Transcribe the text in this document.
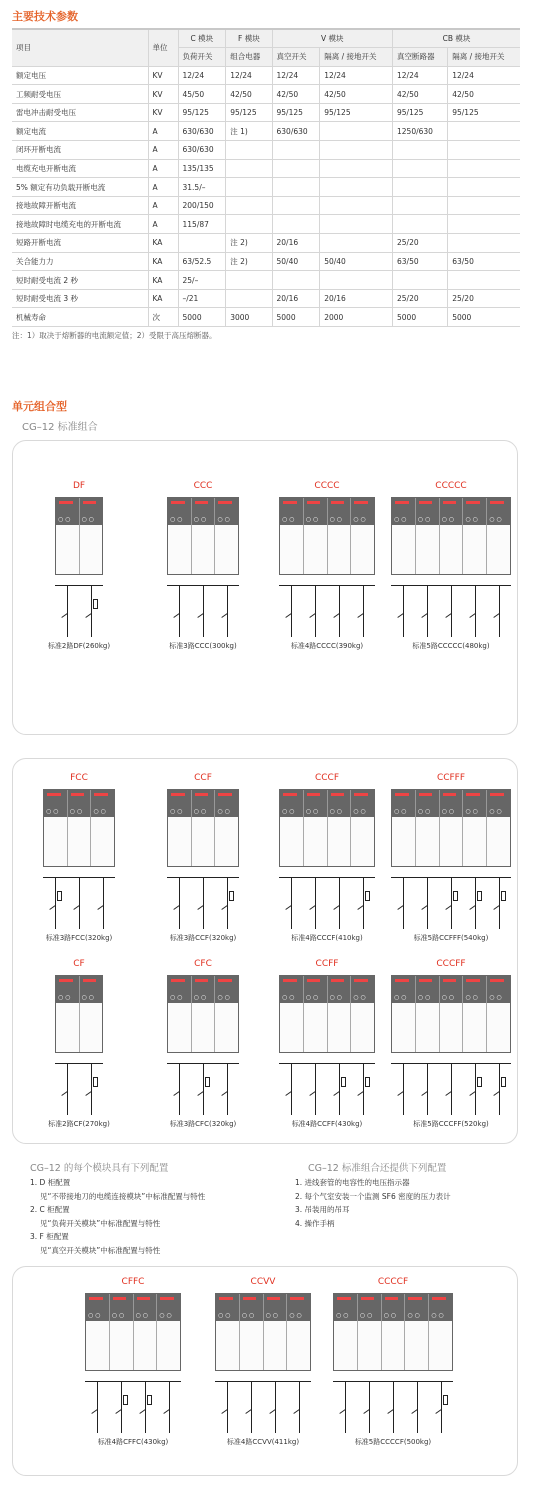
主要技术参数
项目	单位	C 模块	F 模块	V 模块		CB 模块	
		负荷开关	组合电器	真空开关	隔离 / 接地开关	真空断路器	隔离 / 接地开关
额定电压	KV	12/24	12/24	12/24	12/24	12/24	12/24
工频耐受电压	KV	45/50	42/50	42/50	42/50	42/50	42/50
雷电冲击耐受电压	KV	95/125	95/125	95/125	95/125	95/125	95/125
额定电流	A	630/630	注 1)	630/630		1250/630	
闭环开断电流	A	630/630					
电缆充电开断电流	A	135/135					
5% 额定有功负载开断电流	A	31.5/–					
接地故障开断电流	A	200/150					
接地故障时电缆充电的开断电流	A	115/87					
短路开断电流	KA		注 2)	20/16		25/20	
关合能力力	KA	63/52.5	注 2)	50/40	50/40	63/50	63/50
短时耐受电流 2 秒	KA	25/–					
短时耐受电流 3 秒	KA	–/21		20/16	20/16	25/20	25/20
机械寿命	次	5000	3000	5000	2000	5000	5000
注：1）取决于熔断器的电流额定值；2）受限于高压熔断器。
单元组合型
CG–12 标准组合
DF
○ ○
○ ○
标准2路DF(260kg)
CCC
○ ○
○ ○
○ ○
标准3路CCC(300kg)
CCCC
○ ○
○ ○
○ ○
○ ○
标准4路CCCC(390kg)
CCCCC
○ ○
○ ○
○ ○
○ ○
○ ○
标准5路CCCCC(480kg)
FCC
○ ○
○ ○
○ ○
标准3路FCC(320kg)
CCF
○ ○
○ ○
○ ○
标准3路CCF(320kg)
CCCF
○ ○
○ ○
○ ○
○ ○
标准4路CCCF(410kg)
CCFFF
○ ○
○ ○
○ ○
○ ○
○ ○
标准5路CCFFF(540kg)
CF
○ ○
○ ○
标准2路CF(270kg)
CFC
○ ○
○ ○
○ ○
标准3路CFC(320kg)
CCFF
○ ○
○ ○
○ ○
○ ○
标准4路CCFF(430kg)
CCCFF
○ ○
○ ○
○ ○
○ ○
○ ○
标准5路CCCFF(520kg)
CG–12 的每个模块具有下列配置
1. D 柜配置
见“不带接地刀的电缆连接模块”中标准配置与特性
2. C 柜配置
见“负荷开关模块”中标准配置与特性
3. F 柜配置
见“真空开关模块”中标准配置与特性
CG–12 标准组合还提供下列配置
1. 进线套管的电容性的电压指示器
2. 每个气室安装一个监测 SF6 密度的压力表计
3. 吊装用的吊耳
4. 操作手柄
CFFC
○ ○
○ ○
○ ○
○ ○
标准4路CFFC(430kg)
CCVV
○ ○
○ ○
○ ○
○ ○
标准4路CCVV(411kg)
CCCCF
○ ○
○ ○
○ ○
○ ○
○ ○
标准5路CCCCF(500kg)
